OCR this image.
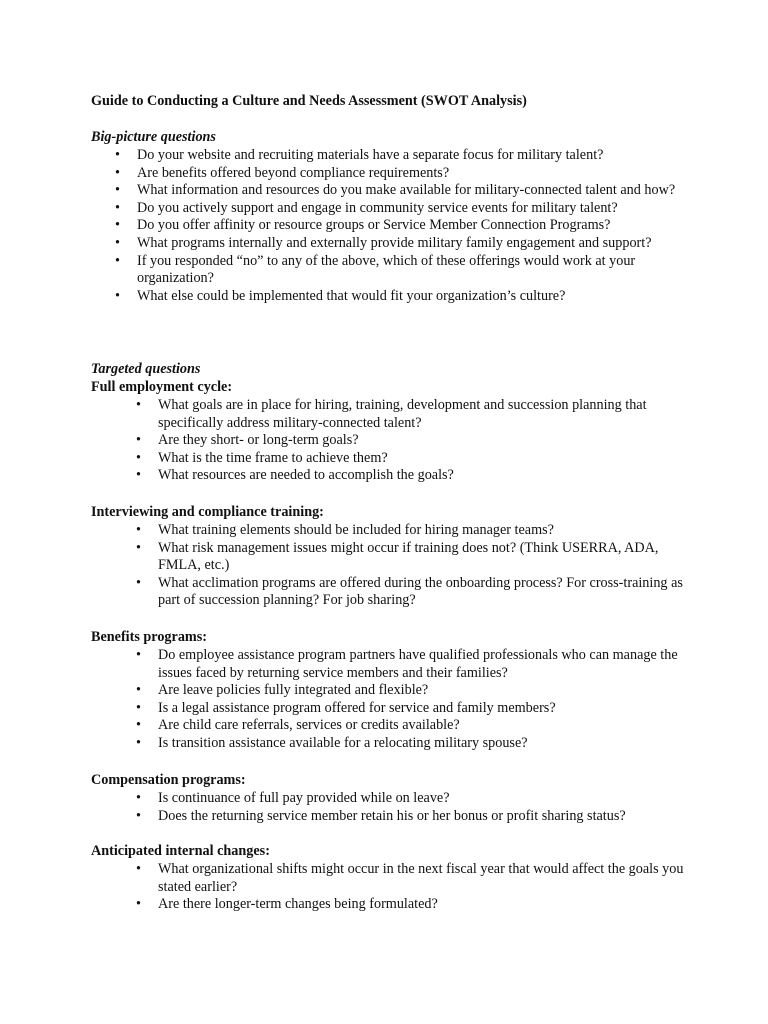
Guide to Conducting a Culture and Needs Assessment (SWOT Analysis)
Big-picture questions
• Do your website and recruiting materials have a separate focus for military talent?
• Are benefits offered beyond compliance requirements?
• What information and resources do you make available for military-connected talent and how?
• Do you actively support and engage in community service events for military talent?
• Do you offer affinity or resource groups or Service Member Connection Programs?
• What programs internally and externally provide military family engagement and support?
• If you responded “no” to any of the above, which of these offerings would work at your organization?
• What else could be implemented that would fit your organization’s culture?
Targeted questions
Full employment cycle:
• What goals are in place for hiring, training, development and succession planning that specifically address military-connected talent?
• Are they short- or long-term goals?
• What is the time frame to achieve them?
• What resources are needed to accomplish the goals?
Interviewing and compliance training:
• What training elements should be included for hiring manager teams?
• What risk management issues might occur if training does not? (Think USERRA, ADA, FMLA, etc.)
• What acclimation programs are offered during the onboarding process? For cross-training as part of succession planning? For job sharing?
Benefits programs:
• Do employee assistance program partners have qualified professionals who can manage the issues faced by returning service members and their families?
• Are leave policies fully integrated and flexible?
• Is a legal assistance program offered for service and family members?
• Are child care referrals, services or credits available?
• Is transition assistance available for a relocating military spouse?
Compensation programs:
• Is continuance of full pay provided while on leave?
• Does the returning service member retain his or her bonus or profit sharing status?
Anticipated internal changes:
• What organizational shifts might occur in the next fiscal year that would affect the goals you stated earlier?
• Are there longer-term changes being formulated?
